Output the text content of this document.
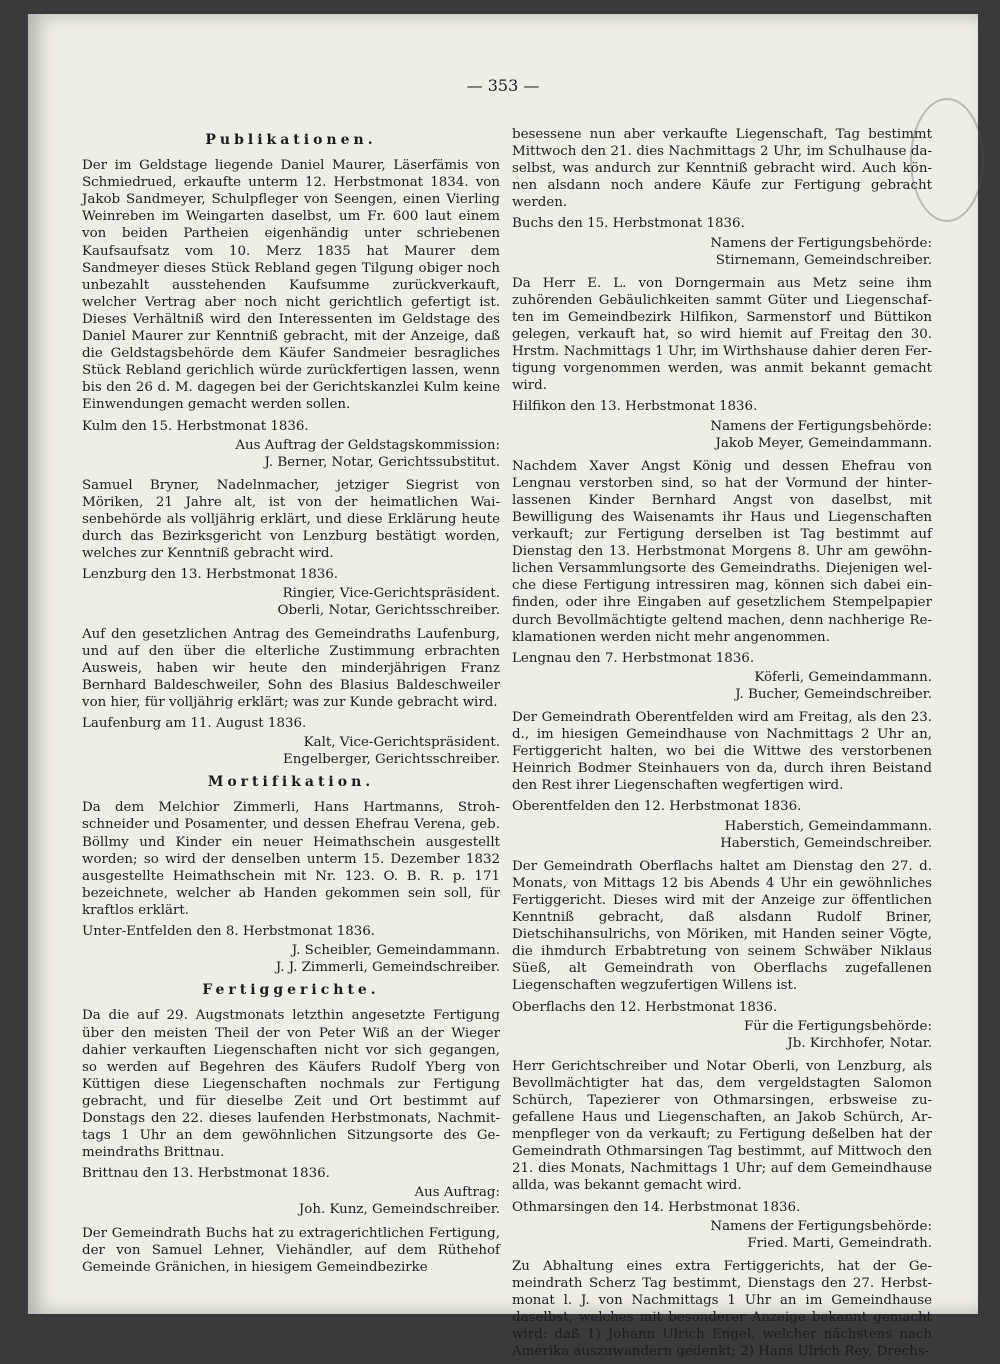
— 353 —
Publikationen.

Der im Geldstage liegende Daniel Maurer, Läserfämis von Schmiedrued, erkaufte unterm 12. Herbstmonat 1834. von Jakob Sandmeyer, Schulpfleger von Seengen, einen Vierling Weinreben im Weingarten daselbst, um Fr. 600 laut einem von beiden Partheien eigenhändig unter schriebenen Kaufsaufsatz vom 10. Merz 1835 hat Maurer dem Sandmeyer dieses Stück Rebland gegen Tilgung obiger noch unbezahlt ausstehenden Kaufsumme zurückverkauft, welcher Vertrag aber noch nicht gerichtlich gefertigt ist. Dieses Verhältniß wird den Interessenten im Geldstage des Daniel Maurer zur Kenntniß gebracht, mit der Anzeige, daß die Geldstagsbehörde dem Käufer Sandmeier besragliches Stück Rebland gerichlich würde zurückfertigen lassen, wenn bis den 26 d. M. dagegen bei der Gerichtskanzlei Kulm keine Einwendungen gemacht werden sollen.

Kulm den 15. Herbstmonat 1836.

Aus Auftrag der Geldstagskommission:

J. Berner, Notar, Gerichtssubstitut.

Samuel Bryner, Nadelnmacher, jetziger Siegrist von Möriken, 21 Jahre alt, ist von der heimatlichen Waisenbehörde als volljährig erklärt, und diese Erklärung heute durch das Bezirksgericht von Lenzburg bestätigt worden, welches zur Kenntniß gebracht wird.

Lenzburg den 13. Herbstmonat 1836.

Ringier, Vice-Gerichtspräsident.

Oberli, Notar, Gerichtsschreiber.

Auf den gesetzlichen Antrag des Gemeindraths Laufenburg, und auf den über die elterliche Zustimmung erbrachten Ausweis, haben wir heute den minderjährigen Franz Bernhard Baldeschweiler, Sohn des Blasius Baldeschweiler von hier, für volljährig erklärt; was zur Kunde gebracht wird.

Laufenburg am 11. August 1836.

Kalt, Vice-Gerichtspräsident.

Engelberger, Gerichtsschreiber.

Mortifikation.

Da dem Melchior Zimmerli, Hans Hartmanns, Strohschneider und Posamenter, und dessen Ehefrau Verena, geb. Böllmy und Kinder ein neuer Heimathschein ausgestellt worden; so wird der denselben unterm 15. Dezember 1832 ausgestellte Heimathschein mit Nr. 123. O. B. R. p. 171 bezeichnete, welcher ab Handen gekommen sein soll, für kraftlos erklärt.

Unter-Entfelden den 8. Herbstmonat 1836.

J. Scheibler, Gemeindammann.

J. J. Zimmerli, Gemeindschreiber.

Fertiggerichte.

Da die auf 29. Augstmonats letzthin angesetzte Fertigung über den meisten Theil der von Peter Wiß an der Wieger dahier verkauften Liegenschaften nicht vor sich gegangen, so werden auf Begehren des Käufers Rudolf Yberg von Küttigen diese Liegenschaften nochmals zur Fertigung gebracht, und für dieselbe Zeit und Ort bestimmt auf Donstags den 22. dieses laufenden Herbstmonats, Nachmittags 1 Uhr an dem gewöhnlichen Sitzungsorte des Gemeindraths Brittnau.

Brittnau den 13. Herbstmonat 1836.

Aus Auftrag:

Joh. Kunz, Gemeindschreiber.

Der Gemeindrath Buchs hat zu extragerichtlichen Fertigung, der von Samuel Lehner, Viehändler, auf dem Rüthehof Gemeinde Gränichen, in hiesigem Gemeindbezirke

besessene nun aber verkaufte Liegenschaft, Tag bestimmt Mittwoch den 21. dies Nachmittags 2 Uhr, im Schulhause daselbst, was andurch zur Kenntniß gebracht wird. Auch können alsdann noch andere Käufe zur Fertigung gebracht werden.

Buchs den 15. Herbstmonat 1836.

Namens der Fertigungsbehörde:

Stirnemann, Gemeindschreiber.

Da Herr E. L. von Dorngermain aus Metz seine ihm zuhörenden Gebäulichkeiten sammt Güter und Liegenschaften im Gemeindbezirk Hilfikon, Sarmenstorf und Büttikon gelegen, verkauft hat, so wird hiemit auf Freitag den 30. Hrstm. Nachmittags 1 Uhr, im Wirthshause dahier deren Fertigung vorgenommen werden, was anmit bekannt gemacht wird.

Hilfikon den 13. Herbstmonat 1836.

Namens der Fertigungsbehörde:

Jakob Meyer, Gemeindammann.

Nachdem Xaver Angst König und dessen Ehefrau von Lengnau verstorben sind, so hat der Vormund der hinterlassenen Kinder Bernhard Angst von daselbst, mit Bewilligung des Waisenamts ihr Haus und Liegenschaften verkauft; zur Fertigung derselben ist Tag bestimmt auf Dienstag den 13. Herbstmonat Morgens 8. Uhr am gewöhnlichen Versammlungsorte des Gemeindraths. Diejenigen welche diese Fertigung intressiren mag, können sich dabei einfinden, oder ihre Eingaben auf gesetzlichem Stempelpapier durch Bevollmächtigte geltend machen, denn nachherige Reklamationen werden nicht mehr angenommen.

Lengnau den 7. Herbstmonat 1836.

Köferli, Gemeindammann.

J. Bucher, Gemeindschreiber.

Der Gemeindrath Oberentfelden wird am Freitag, als den 23. d., im hiesigen Gemeindhause von Nachmittags 2 Uhr an, Fertiggericht halten, wo bei die Wittwe des verstorbenen Heinrich Bodmer Steinhauers von da, durch ihren Beistand den Rest ihrer Liegenschaften wegfertigen wird.

Oberentfelden den 12. Herbstmonat 1836.

Haberstich, Gemeindammann.

Haberstich, Gemeindschreiber.

Der Gemeindrath Oberflachs haltet am Dienstag den 27. d. Monats, von Mittags 12 bis Abends 4 Uhr ein gewöhnliches Fertiggericht. Dieses wird mit der Anzeige zur öffentlichen Kenntniß gebracht, daß alsdann Rudolf Briner, Dietschihansulrichs, von Möriken, mit Handen seiner Vögte, die ihmdurch Erbabtretung von seinem Schwäber Niklaus Süeß, alt Gemeindrath von Oberflachs zugefallenen Liegenschaften wegzufertigen Willens ist.

Oberflachs den 12. Herbstmonat 1836.

Für die Fertigungsbehörde:

Jb. Kirchhofer, Notar.

Herr Gerichtschreiber und Notar Oberli, von Lenzburg, als Bevollmächtigter hat das, dem vergeldstagten Salomon Schürch, Tapezierer von Othmarsingen, erbsweise zugefallene Haus und Liegenschaften, an Jakob Schürch, Armenpfleger von da verkauft; zu Fertigung deßelben hat der Gemeindrath Othmarsingen Tag bestimmt, auf Mittwoch den 21. dies Monats, Nachmittags 1 Uhr; auf dem Gemeindhause allda, was bekannt gemacht wird.

Othmarsingen den 14. Herbstmonat 1836.

Namens der Fertigungsbehörde:

Fried. Marti, Gemeindrath.

Zu Abhaltung eines extra Fertiggerichts, hat der Gemeindrath Scherz Tag bestimmt, Dienstags den 27. Herbstmonat l. J. von Nachmittags 1 Uhr an im Gemeindhause daselbst, welches mit besonderer Anzeige bekannt gemacht wird: daß 1) Johann Ulrich Engel, welcher nächstens nach Amerika auszuwandern gedenkt; 2) Hans Ulrich Rey, Drechs-
